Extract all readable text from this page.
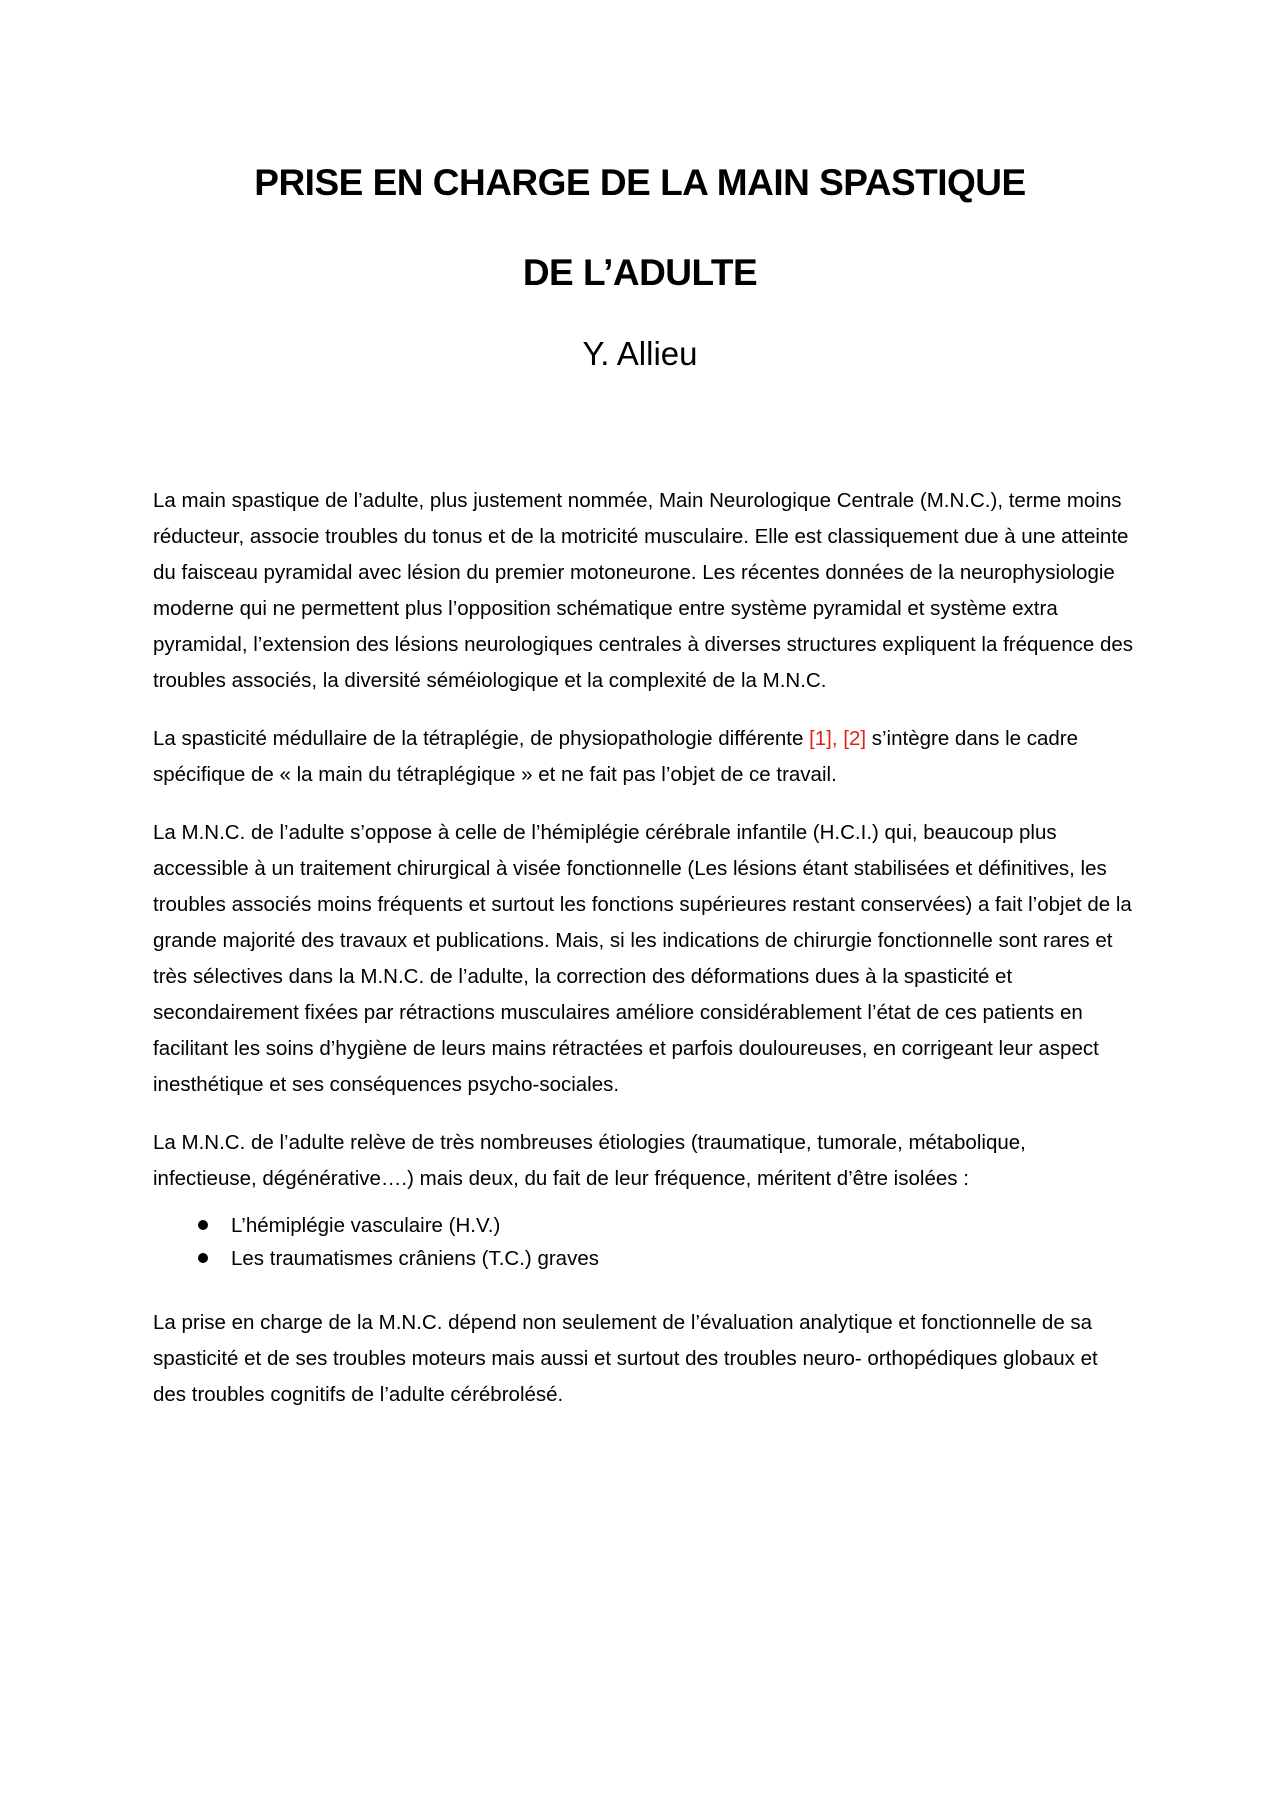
PRISE EN CHARGE DE LA MAIN SPASTIQUE
DE L’ADULTE
Y. Allieu

La main spastique de l’adulte, plus justement nommée, Main Neurologique Centrale (M.N.C.), terme moins réducteur, associe troubles du tonus et de la motricité musculaire. Elle est classiquement due à une atteinte du faisceau pyramidal avec lésion du premier motoneurone. Les récentes données de la neurophysiologie moderne qui ne permettent plus l’opposition schématique entre système pyramidal et système extra pyramidal, l’extension des lésions neurologiques centrales à diverses structures expliquent la fréquence des troubles associés, la diversité séméiologique et la complexité de la M.N.C.

La spasticité médullaire de la tétraplégie, de physiopathologie différente [1], [2] s’intègre dans le cadre spécifique de « la main du tétraplégique » et ne fait pas l’objet de ce travail.

La M.N.C. de l’adulte s’oppose à celle de l’hémiplégie cérébrale infantile (H.C.I.) qui, beaucoup plus accessible à un traitement chirurgical à visée fonctionnelle (Les lésions étant stabilisées et définitives, les troubles associés moins fréquents et surtout les fonctions supérieures restant conservées) a fait l’objet de la grande majorité des travaux et publications. Mais, si les indications de chirurgie fonctionnelle sont rares et très sélectives dans la M.N.C. de l’adulte, la correction des déformations dues à la spasticité et secondairement fixées par rétractions musculaires améliore considérablement l’état de ces patients en facilitant les soins d’hygiène de leurs mains rétractées et parfois douloureuses, en corrigeant leur aspect inesthétique et ses conséquences psycho-sociales.

La M.N.C. de l’adulte relève de très nombreuses étiologies (traumatique, tumorale, métabolique, infectieuse, dégénérative….) mais deux, du fait de leur fréquence, méritent d’être isolées :

L’hémiplégie vasculaire (H.V.)
Les traumatismes crâniens (T.C.) graves

La prise en charge de la M.N.C. dépend non seulement de l’évaluation analytique et fonctionnelle de sa spasticité et de ses troubles moteurs mais aussi et surtout des troubles neuro- orthopédiques globaux et des troubles cognitifs de l’adulte cérébrolésé.
